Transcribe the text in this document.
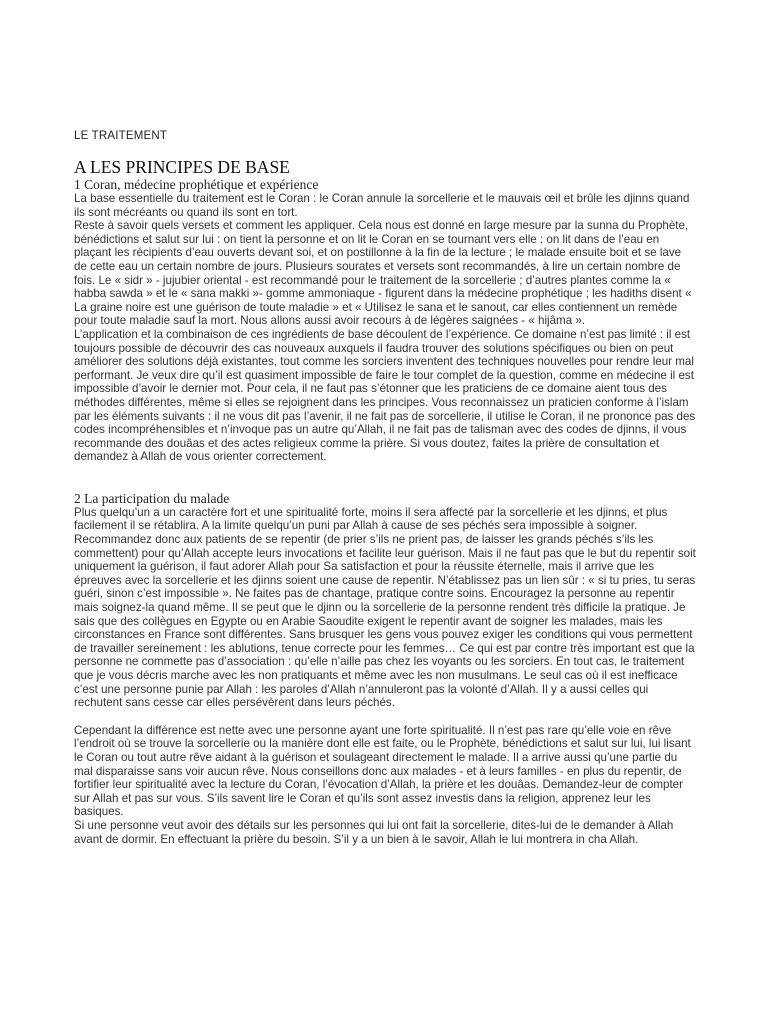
LE TRAITEMENT
A LES PRINCIPES DE BASE
1 Coran, médecine prophétique et expérience
La base essentielle du traitement est le Coran : le Coran annule la sorcellerie et le mauvais œil et brûle les djinns quand ils sont mécréants ou quand ils sont en tort.
Reste à savoir quels versets et comment les appliquer. Cela nous est donné en large mesure par la sunna du Prophète, bénédictions et salut sur lui : on tient la personne et on lit le Coran en se tournant vers elle : on lit dans de l’eau en plaçant les récipients d’eau ouverts devant soi, et on postillonne à la fin de la lecture ; le malade ensuite boit et se lave de cette eau un certain nombre de jours. Plusieurs sourates et versets sont recommandés, à lire un certain nombre de fois. Le « sidr » - jujubier oriental - est recommandé pour le traitement de la sorcellerie ; d’autres plantes comme la « habba sawda » et le « sana makki »- gomme ammoniaque - figurent dans la médecine prophétique ; les hadiths disent « La graine noire est une guérison de toute maladie » et « Utilisez le sana et le sanout, car elles contiennent un remède pour toute maladie sauf la mort. Nous allons aussi avoir recours à de légères saignées - « hijâma ».
L’application et la combinaison de ces ingrédients de base découlent de l’expérience. Ce domaine n’est pas limité : il est toujours possible de découvrir des cas nouveaux auxquels il faudra trouver des solutions spécifiques ou bien on peut améliorer des solutions déjà existantes, tout comme les sorciers inventent des techniques nouvelles pour rendre leur mal performant. Je veux dire qu’il est quasiment impossible de faire le tour complet de la question, comme en médecine il est impossible d’avoir le dernier mot. Pour cela, il ne faut pas s’étonner que les praticiens de ce domaine aient tous des méthodes différentes, même si elles se rejoignent dans les principes. Vous reconnaissez un praticien conforme à l’islam par les éléments suivants : il ne vous dit pas l’avenir, il ne fait pas de sorcellerie, il utilise le Coran, il ne prononce pas des codes incompréhensibles et n’invoque pas un autre qu’Allah, il ne fait pas de talisman avec des codes de djinns, il vous recommande des douâas et des actes religieux comme la prière. Si vous doutez, faites la prière de consultation et demandez à Allah de vous orienter correctement.
2 La participation du malade
Plus quelqu’un a un caractère fort et une spiritualité forte, moins il sera affecté par la sorcellerie et les djinns, et plus facilement il se rétablira. A la limite quelqu’un puni par Allah à cause de ses péchés sera impossible à soigner. Recommandez donc aux patients de se repentir (de prier s’ils ne prient pas, de laisser les grands péchés s’ils les commettent) pour qu’Allah accepte leurs invocations et facilite leur guérison. Mais il ne faut pas que le but du repentir soit uniquement la guérison, il faut adorer Allah pour Sa satisfaction et pour la réussite éternelle, mais il arrive que les épreuves avec la sorcellerie et les djinns soient une cause de repentir. N’établissez pas un lien sûr : « si tu pries, tu seras guéri, sinon c’est impossible ». Ne faites pas de chantage, pratique contre soins. Encouragez la personne au repentir mais soignez-la quand même. Il se peut que le djinn ou la sorcellerie de la personne rendent très difficile la pratique. Je sais que des collègues en Egypte ou en Arabie Saoudite exigent le repentir avant de soigner les malades, mais les circonstances en France sont différentes. Sans brusquer les gens vous pouvez exiger les conditions qui vous permettent de travailler sereinement : les ablutions, tenue correcte pour les femmes… Ce qui est par contre très important est que la personne ne commette pas d’association : qu’elle n’aille pas chez les voyants ou les sorciers. En tout cas, le traitement que je vous décris marche avec les non pratiquants et même avec les non musulmans. Le seul cas où il est inefficace c’est une personne punie par Allah : les paroles d’Allah n’annuleront pas la volonté d’Allah. Il y a aussi celles qui rechutent sans cesse car elles persévèrent dans leurs péchés.
Cependant la différence est nette avec une personne ayant une forte spiritualité. Il n’est pas rare qu’elle voie en rêve l’endroit où se trouve la sorcellerie ou la manière dont elle est faite, ou le Prophète, bénédictions et salut sur lui, lui lisant le Coran ou tout autre rêve aidant à la guérison et soulageant directement le malade. Il a arrive aussi qu’une partie du mal disparaisse sans voir aucun rêve. Nous conseillons donc aux malades - et à leurs familles - en plus du repentir, de fortifier leur spiritualité avec la lecture du Coran, l’évocation d’Allah, la prière et les douâas. Demandez-leur de compter sur Allah et pas sur vous. S’ils savent lire le Coran et qu’ils sont assez investis dans la religion, apprenez leur les basiques.
Si une personne veut avoir des détails sur les personnes qui lui ont fait la sorcellerie, dites-lui de le demander à Allah avant de dormir. En effectuant la prière du besoin. S’il y a un bien à le savoir, Allah le lui montrera in cha Allah.
